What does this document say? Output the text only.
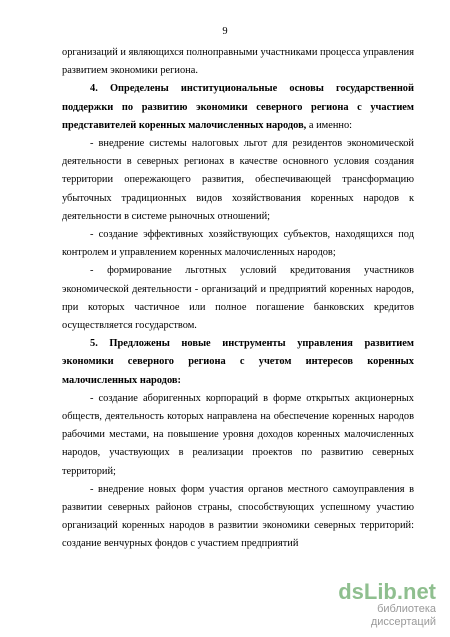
9

организаций и являющихся полноправными участниками процесса управления развитием экономики региона.

4. Определены институциональные основы государственной поддержки по развитию экономики северного региона с участием представителей коренных малочисленных народов, а именно:

- внедрение системы налоговых льгот для резидентов экономической деятельности в северных регионах в качестве основного условия создания территории опережающего развития, обеспечивающей трансформацию убыточных традиционных видов хозяйствования коренных народов к деятельности в системе рыночных отношений;

- создание эффективных хозяйствующих субъектов, находящихся под контролем и управлением коренных малочисленных народов;

- формирование льготных условий кредитования участников экономической деятельности - организаций и предприятий коренных народов, при которых частичное или полное погашение банковских кредитов осуществляется государством.

5. Предложены новые инструменты управления развитием экономики северного региона с учетом интересов коренных малочисленных народов:

- создание аборигенных корпораций в форме открытых акционерных обществ, деятельность которых направлена на обеспечение коренных народов рабочими местами, на повышение уровня доходов коренных малочисленных народов, участвующих в реализации проектов по развитию северных территорий;

- внедрение новых форм участия органов местного самоуправления в развитии северных районов страны, способствующих успешному участию организаций коренных народов в развитии экономики северных территорий: создание венчурных фондов с участием предприятий

dsLib.net
библиотека диссертаций
